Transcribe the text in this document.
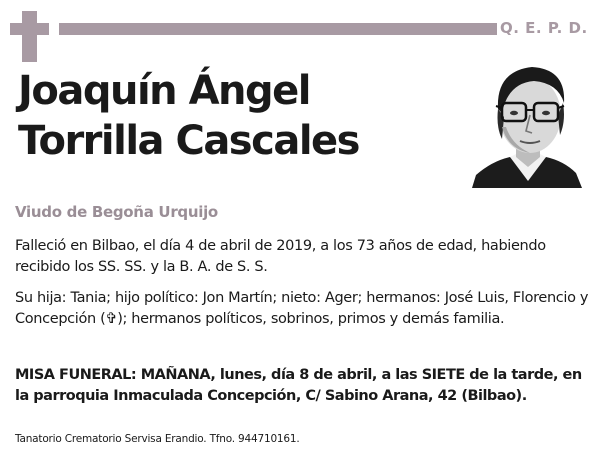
Q. E. P. D.
Joaquín Ángel
Torrilla Cascales

Viudo de Begoña Urquijo

Falleció en Bilbao, el día 4 de abril de 2019, a los 73 años de edad, habiendo recibido los SS. SS. y la B. A. de S. S.

Su hija: Tania; hijo político: Jon Martín; nieto: Ager; hermanos: José Luis, Florencio y Concepción (✞); hermanos políticos, sobrinos, primos y demás familia.

MISA FUNERAL: MAÑANA, lunes, día 8 de abril, a las SIETE de la tarde, en la parroquia Inmaculada Concepción, C/ Sabino Arana, 42 (Bilbao).

Tanatorio Crematorio Servisa Erandio. Tfno. 944710161.
